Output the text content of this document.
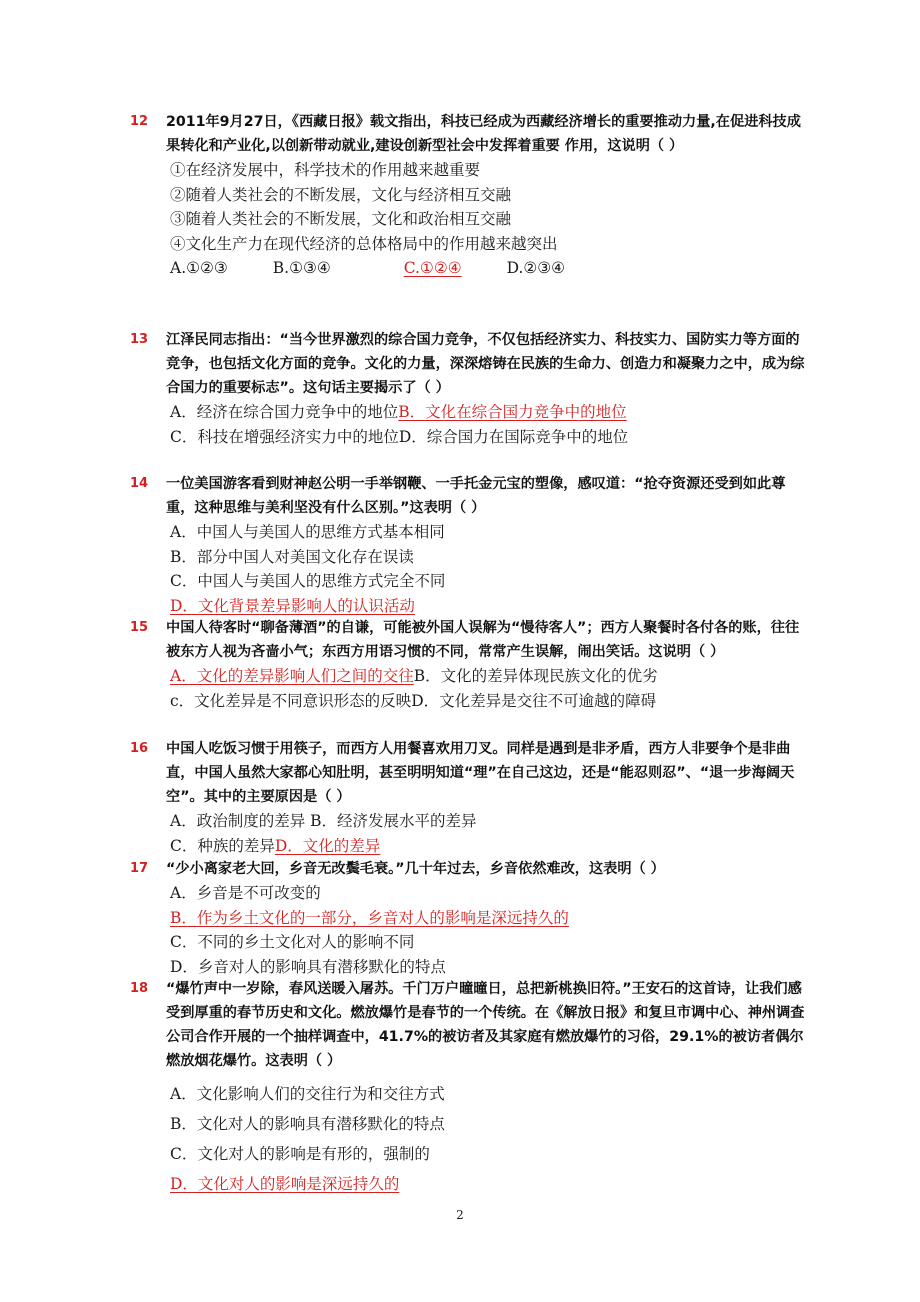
12	2011年9月27日，《西藏日报》载文指出，科技已经成为西藏经济增长的重要推动力量,在促进科技成果转化和产业化,以创新带动就业,建设创新型社会中发挥着重要 作用，这说明（ ）
①在经济发展中，科学技术的作用越来越重要
②随着人类社会的不断发展，文化与经济相互交融
③随着人类社会的不断发展，文化和政治相互交融
④文化生产力在现代经济的总体格局中的作用越来越突出
A.①②③	B.①③④	C.①②④	D.②③④
13	江泽民同志指出：“当今世界激烈的综合国力竞争，不仅包括经济实力、科技实力、国防实力等方面的竞争，也包括文化方面的竞争。文化的力量，深深熔铸在民族的生命力、创造力和凝聚力之中，成为综合国力的重要标志”。这句话主要揭示了（ ）
A．经济在综合国力竞争中的地位B．文化在综合国力竞争中的地位
C．科技在增强经济实力中的地位D．综合国力在国际竞争中的地位
14	一位美国游客看到财神赵公明一手举钢鞭、一手托金元宝的塑像，感叹道：“抢夺资源还受到如此尊重，这种思维与美利坚没有什么区别。”这表明（ ）
A．中国人与美国人的思维方式基本相同
B．部分中国人对美国文化存在误读
C．中国人与美国人的思维方式完全不同
D．文化背景差异影响人的认识活动
15	中国人待客时“聊备薄酒”的自谦，可能被外国人误解为“慢待客人”；西方人聚餐时各付各的账，往往被东方人视为吝啬小气；东西方用语习惯的不同，常常产生误解，闹出笑话。这说明（ ）
A．文化的差异影响人们之间的交往B．文化的差异体现民族文化的优劣
c．文化差异是不同意识形态的反映D．文化差异是交往不可逾越的障碍
16	中国人吃饭习惯于用筷子，而西方人用餐喜欢用刀叉。同样是遇到是非矛盾，西方人非要争个是非曲直，中国人虽然大家都心知肚明，甚至明明知道“理”在自己这边，还是“能忍则忍”、“退一步海阔天空”。其中的主要原因是（ ）
A．政治制度的差异 B．经济发展水平的差异
C．种族的差异D．文化的差异
17	“少小离家老大回，乡音无改鬓毛衰。”几十年过去，乡音依然难改，这表明（ ）
A．乡音是不可改变的
B．作为乡土文化的一部分，乡音对人的影响是深远持久的
C．不同的乡土文化对人的影响不同
D．乡音对人的影响具有潜移默化的特点
18	“爆竹声中一岁除，春风送暖入屠苏。千门万户曈曈日，总把新桃换旧符。”王安石的这首诗，让我们感受到厚重的春节历史和文化。燃放爆竹是春节的一个传统。在《解放日报》和复旦市调中心、神州调查公司合作开展的一个抽样调查中，41.7%的被访者及其家庭有燃放爆竹的习俗，29.1%的被访者偶尔燃放烟花爆竹。这表明（ ）
A．文化影响人们的交往行为和交往方式
B．文化对人的影响具有潜移默化的特点
C．文化对人的影响是有形的，强制的
D．文化对人的影响是深远持久的
2
